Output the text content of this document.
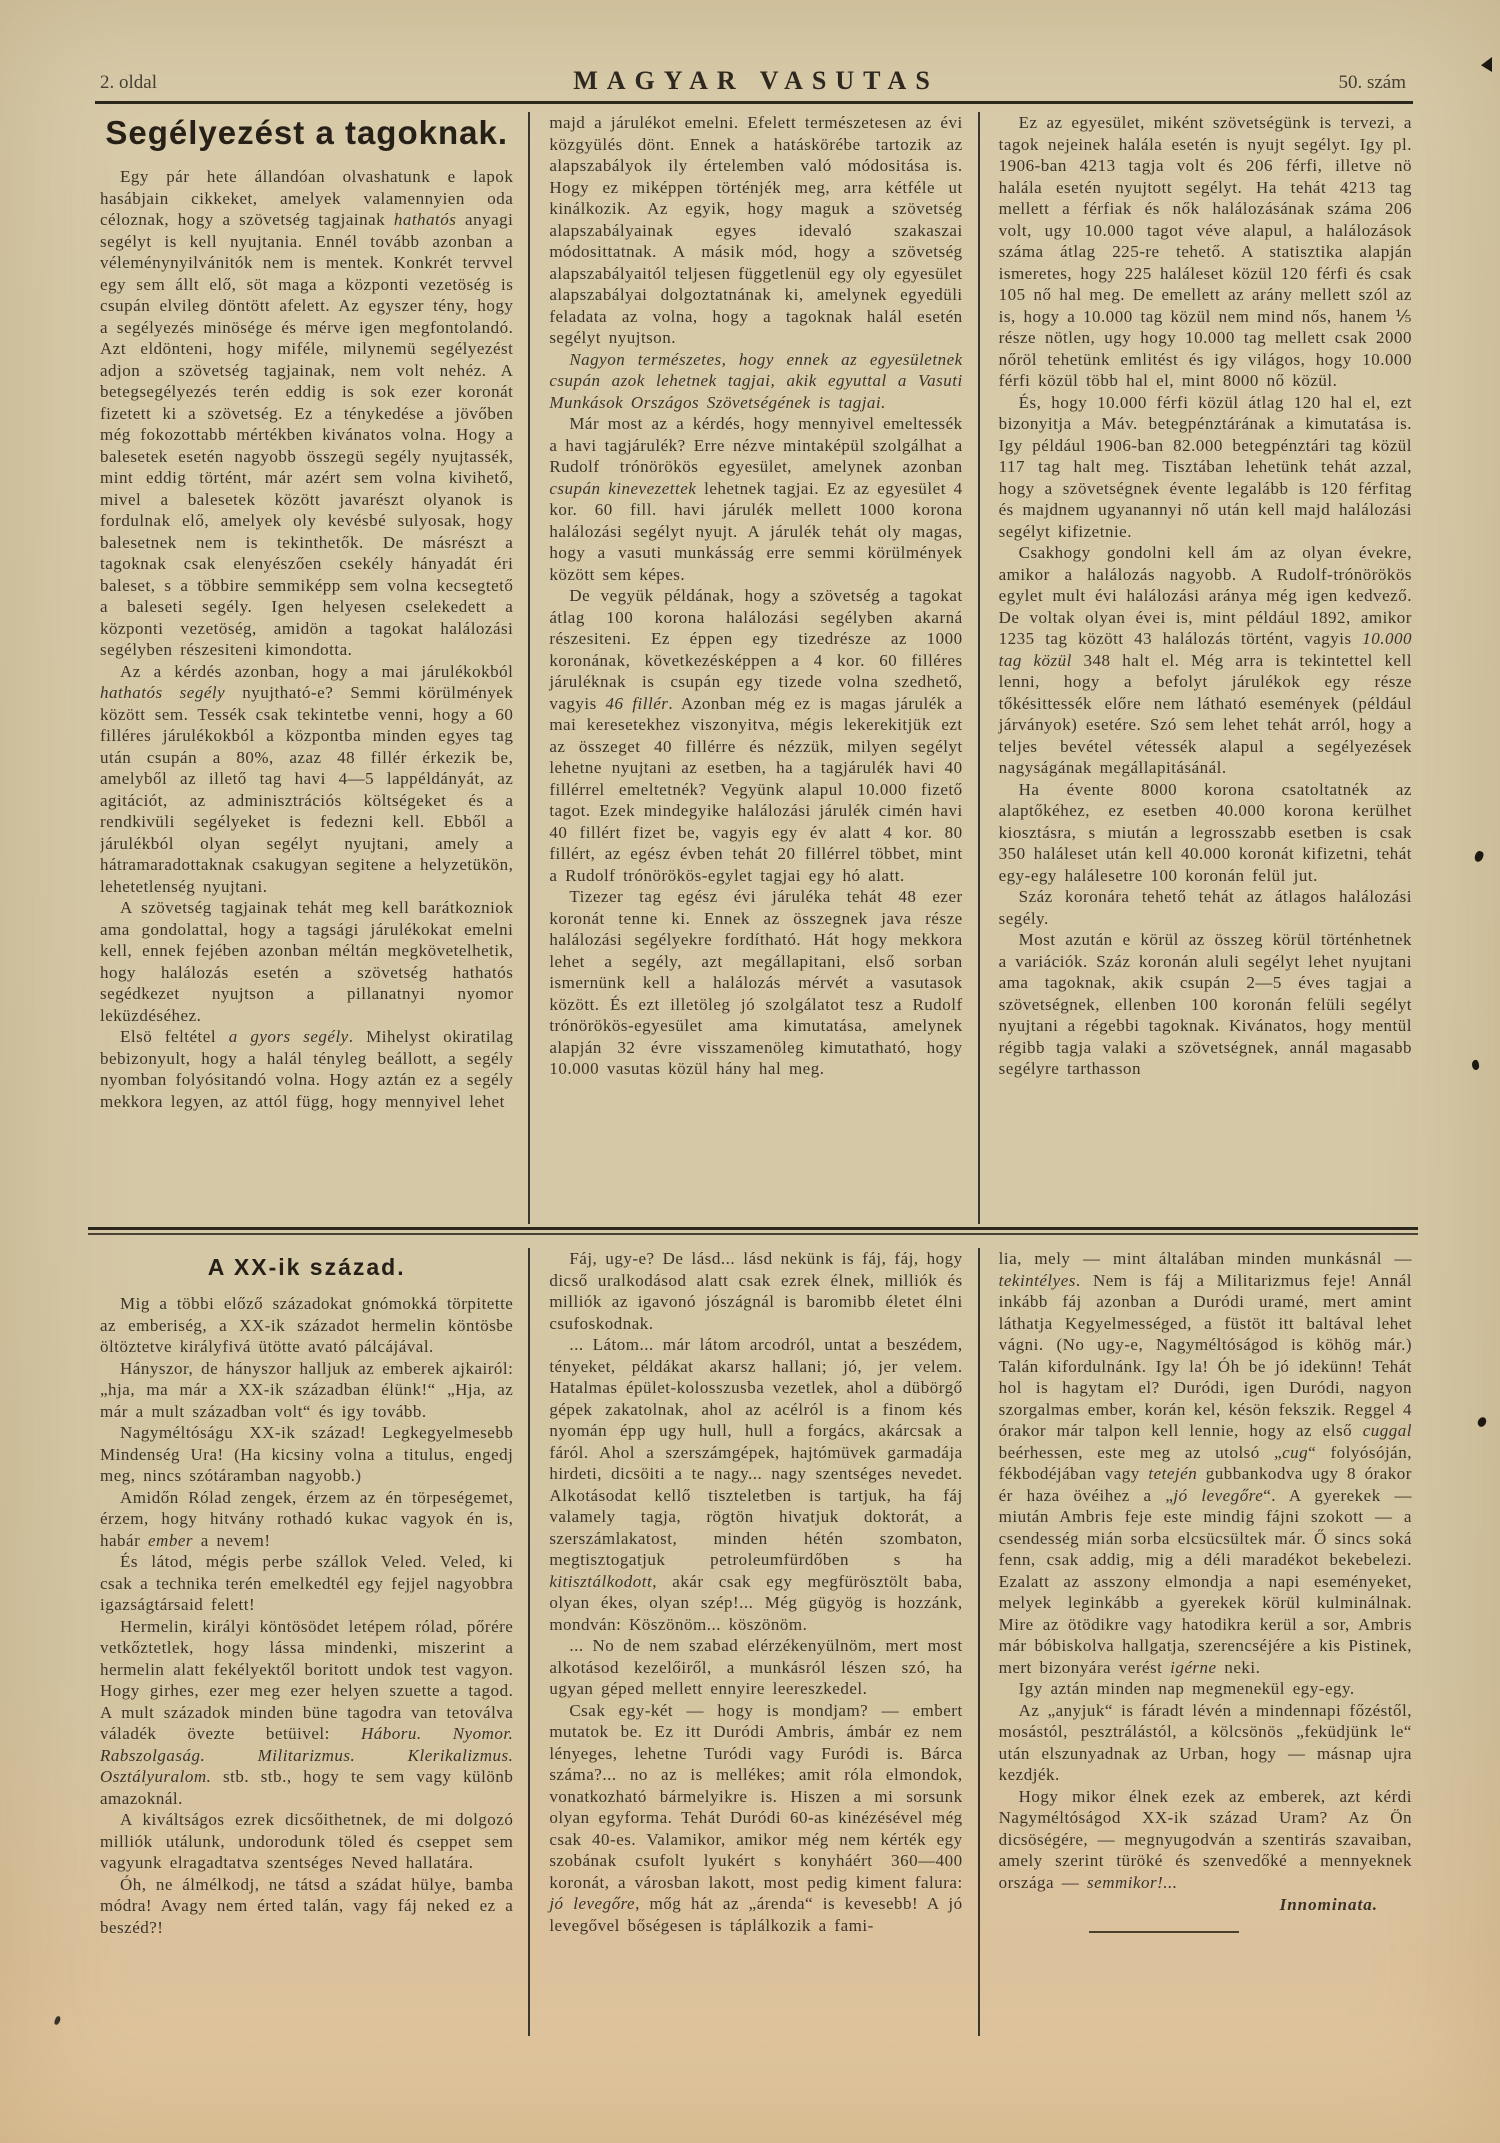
2. oldal	MAGYAR VASUTAS	50. szám
Segélyezést a tagoknak.

Egy pár hete állandóan olvashatunk e lapok hasábjain cikkeket, amelyek valamennyien oda céloznak, hogy a szövetség tagjainak hathatós anyagi segélyt is kell nyujtania. Ennél tovább azonban a véleménynyilvánitók nem is mentek. Konkrét tervvel egy sem állt elő, söt maga a központi vezetöség is csupán elvileg döntött afelett. Az egyszer tény, hogy a segélyezés minösége és mérve igen megfontolandó. Azt eldönteni, hogy miféle, milynemü segélyezést adjon a szövetség tagjainak, nem volt nehéz. A betegsegélyezés terén eddig is sok ezer koronát fizetett ki a szövetség. Ez a ténykedése a jövőben még fokozottabb mértékben kivánatos volna. Hogy a balesetek esetén nagyobb összegü segély nyujtassék, mint eddig történt, már azért sem volna kivihető, mivel a balesetek között javarészt olyanok is fordulnak elő, amelyek oly kevésbé sulyosak, hogy balesetnek nem is tekinthetők. De másrészt a tagoknak csak elenyészően csekély hányadát éri baleset, s a többire semmiképp sem volna kecsegtető a baleseti segély. Igen helyesen cselekedett a központi vezetöség, amidön a tagokat halálozási segélyben részesiteni kimondotta.

Az a kérdés azonban, hogy a mai járulékokból hathatós segély nyujtható-e? Semmi körülmények között sem. Tessék csak tekintetbe venni, hogy a 60 filléres járulékokból a központba minden egyes tag után csupán a 80%, azaz 48 fillér érkezik be, amelyből az illető tag havi 4—5 lappéldányát, az agitációt, az adminisztrációs költségeket és a rendkivüli segélyeket is fedezni kell. Ebből a járulékból olyan segélyt nyujtani, amely a hátramaradottaknak csakugyan segitene a helyzetükön, lehetetlenség nyujtani.

A szövetség tagjainak tehát meg kell barátkozniok ama gondolattal, hogy a tagsági járulékokat emelni kell, ennek fejében azonban méltán megkövetelhetik, hogy halálozás esetén a szövetség hathatós segédkezet nyujtson a pillanatnyi nyomor leküzdéséhez.

Elsö feltétel a gyors segély. Mihelyst okiratilag bebizonyult, hogy a halál tényleg beállott, a segély nyomban folyósitandó volna. Hogy aztán ez a segély mekkora legyen, az attól függ, hogy mennyivel lehet

majd a járulékot emelni. Efelett természetesen az évi közgyülés dönt. Ennek a hatáskörébe tartozik az alapszabályok ily értelemben való módositása is. Hogy ez miképpen történjék meg, arra kétféle ut kinálkozik. Az egyik, hogy maguk a szövetség alapszabályainak egyes idevaló szakaszai módosittatnak. A másik mód, hogy a szövetség alapszabályaitól teljesen függetlenül egy oly egyesület alapszabályai dolgoztatnának ki, amelynek egyedüli feladata az volna, hogy a tagoknak halál esetén segélyt nyujtson.

Nagyon természetes, hogy ennek az egyesületnek csupán azok lehetnek tagjai, akik egyuttal a Vasuti Munkások Országos Szövetségének is tagjai.

Már most az a kérdés, hogy mennyivel emeltessék a havi tagjárulék? Erre nézve mintaképül szolgálhat a Rudolf trónörökös egyesület, amelynek azonban csupán kinevezettek lehetnek tagjai. Ez az egyesület 4 kor. 60 fill. havi járulék mellett 1000 korona halálozási segélyt nyujt. A járulék tehát oly magas, hogy a vasuti munkásság erre semmi körülmények között sem képes.

De vegyük példának, hogy a szövetség a tagokat átlag 100 korona halálozási segélyben akarná részesiteni. Ez éppen egy tizedrésze az 1000 koronának, következésképpen a 4 kor. 60 filléres járuléknak is csupán egy tizede volna szedhető, vagyis 46 fillér. Azonban még ez is magas járulék a mai keresetekhez viszonyitva, mégis lekerekitjük ezt az összeget 40 fillérre és nézzük, milyen segélyt lehetne nyujtani az esetben, ha a tagjárulék havi 40 fillérrel emeltetnék? Vegyünk alapul 10.000 fizető tagot. Ezek mindegyike halálozási járulék cimén havi 40 fillért fizet be, vagyis egy év alatt 4 kor. 80 fillért, az egész évben tehát 20 fillérrel többet, mint a Rudolf trónörökös-egylet tagjai egy hó alatt.

Tizezer tag egész évi járuléka tehát 48 ezer koronát tenne ki. Ennek az összegnek java része halálozási segélyekre fordítható. Hát hogy mekkora lehet a segély, azt megállapitani, első sorban ismernünk kell a halálozás mérvét a vasutasok között. És ezt illetöleg jó szolgálatot tesz a Rudolf trónörökös-egyesület ama kimutatása, amelynek alapján 32 évre visszamenöleg kimutatható, hogy 10.000 vasutas közül hány hal meg.

Ez az egyesület, miként szövetségünk is tervezi, a tagok nejeinek halála esetén is nyujt segélyt. Igy pl. 1906-ban 4213 tagja volt és 206 férfi, illetve nö halála esetén nyujtott segélyt. Ha tehát 4213 tag mellett a férfiak és nők halálozásának száma 206 volt, ugy 10.000 tagot véve alapul, a halálozások száma átlag 225-re tehető. A statisztika alapján ismeretes, hogy 225 haláleset közül 120 férfi és csak 105 nő hal meg. De emellett az arány mellett szól az is, hogy a 10.000 tag közül nem mind nős, hanem ⅕ része nötlen, ugy hogy 10.000 tag mellett csak 2000 nőröl tehetünk emlitést és igy világos, hogy 10.000 férfi közül több hal el, mint 8000 nő közül.

És, hogy 10.000 férfi közül átlag 120 hal el, ezt bizonyitja a Máv. betegpénztárának a kimutatása is. Igy például 1906-ban 82.000 betegpénztári tag közül 117 tag halt meg. Tisztában lehetünk tehát azzal, hogy a szövetségnek évente legalább is 120 férfitag és majdnem ugyanannyi nő után kell majd halálozási segélyt kifizetnie.

Csakhogy gondolni kell ám az olyan évekre, amikor a halálozás nagyobb. A Rudolf-trónörökös egylet mult évi halálozási aránya még igen kedvező. De voltak olyan évei is, mint például 1892, amikor 1235 tag között 43 halálozás történt, vagyis 10.000 tag közül 348 halt el. Még arra is tekintettel kell lenni, hogy a befolyt járulékok egy része tőkésittessék előre nem látható események (például járványok) esetére. Szó sem lehet tehát arról, hogy a teljes bevétel vétessék alapul a segélyezések nagyságának megállapitásánál.

Ha évente 8000 korona csatoltatnék az alaptőkéhez, ez esetben 40.000 korona kerülhet kiosztásra, s miután a legrosszabb esetben is csak 350 haláleset után kell 40.000 koronát kifizetni, tehát egy-egy halálesetre 100 koronán felül jut.

Száz koronára tehető tehát az átlagos halálozási segély.

Most azután e körül az összeg körül történhetnek a variációk. Száz koronán aluli segélyt lehet nyujtani ama tagoknak, akik csupán 2—5 éves tagjai a szövetségnek, ellenben 100 koronán felüli segélyt nyujtani a régebbi tagoknak. Kivánatos, hogy mentül régibb tagja valaki a szövetségnek, annál magasabb segélyre tarthasson

A XX-ik század.

Mig a többi előző századokat gnómokká törpitette az emberiség, a XX-ik századot hermelin köntösbe öltöztetve királyfivá ütötte avató pálcájával.

Hányszor, de hányszor halljuk az emberek ajkairól: „hja, ma már a XX-ik században élünk!“ „Hja, az már a mult században volt“ és igy tovább.

Nagyméltóságu XX-ik század! Legkegyelmesebb Mindenség Ura! (Ha kicsiny volna a titulus, engedj meg, nincs szótáramban nagyobb.)

Amidőn Rólad zengek, érzem az én törpeségemet, érzem, hogy hitvány rothadó kukac vagyok én is, habár ember a nevem!

És látod, mégis perbe szállok Veled. Veled, ki csak a technika terén emelkedtél egy fejjel nagyobbra igazságtársaid felett!

Hermelin, királyi köntösödet letépem rólad, pőrére vetkőztetlek, hogy lássa mindenki, miszerint a hermelin alatt fekélyektől boritott undok test vagyon. Hogy girhes, ezer meg ezer helyen szuette a tagod. A mult századok minden büne tagodra van tetoválva váladék övezte betüivel: Háboru. Nyomor. Rabszolgaság. Militarizmus. Klerikalizmus. Osztályuralom. stb. stb., hogy te sem vagy különb amazoknál.

A kiváltságos ezrek dicsőithetnek, de mi dolgozó milliók utálunk, undorodunk töled és cseppet sem vagyunk elragadtatva szentséges Neved hallatára.

Óh, ne álmélkodj, ne tátsd a szádat hülye, bamba módra! Avagy nem érted talán, vagy fáj neked ez a beszéd?!

Fáj, ugy-e? De lásd... lásd nekünk is fáj, fáj, hogy dicső uralkodásod alatt csak ezrek élnek, milliók és milliók az igavonó jószágnál is baromibb életet élni csufoskodnak.

... Látom... már látom arcodról, untat a beszédem, tényeket, példákat akarsz hallani; jó, jer velem. Hatalmas épület-kolosszusba vezetlek, ahol a dübörgő gépek zakatolnak, ahol az acélról is a finom kés nyomán épp ugy hull, hull a forgács, akárcsak a fáról. Ahol a szerszámgépek, hajtómüvek garmadája hirdeti, dicsöiti a te nagy... nagy szentséges nevedet. Alkotásodat kellő tiszteletben is tartjuk, ha fáj valamely tagja, rögtön hivatjuk doktorát, a szerszámlakatost, minden hétén szombaton, megtisztogatjuk petroleumfürdőben s ha kitisztálkodott, akár csak egy megfürösztölt baba, olyan ékes, olyan szép!... Még gügyög is hozzánk, mondván: Köszönöm... köszönöm.

... No de nem szabad elérzékenyülnöm, mert most alkotásod kezelőiről, a munkásról lészen szó, ha ugyan géped mellett ennyire leereszkedel.

Csak egy-két — hogy is mondjam? — embert mutatok be. Ez itt Duródi Ambris, ámbár ez nem lényeges, lehetne Turódi vagy Furódi is. Bárca száma?... no az is mellékes; amit róla elmondok, vonatkozható bármelyikre is. Hiszen a mi sorsunk olyan egyforma. Tehát Duródi 60-as kinézésével még csak 40-es. Valamikor, amikor még nem kérték egy szobának csufolt lyukért s konyháért 360—400 koronát, a városban lakott, most pedig kiment falura: jó levegőre, mőg hát az „árenda“ is kevesebb! A jó levegővel bőségesen is táplálkozik a fami-

lia, mely — mint általában minden munkásnál — tekintélyes. Nem is fáj a Militarizmus feje! Annál inkább fáj azonban a Duródi uramé, mert amint láthatja Kegyelmességed, a füstöt itt baltával lehet vágni. (No ugy-e, Nagyméltóságod is köhög már.) Talán kifordulnánk. Igy la! Óh be jó idekünn! Tehát hol is hagytam el? Duródi, igen Duródi, nagyon szorgalmas ember, korán kel, késön fekszik. Reggel 4 órakor már talpon kell lennie, hogy az első cuggal beérhessen, este meg az utolsó „cug“ folyósóján, fékbodéjában vagy tetején gubbankodva ugy 8 órakor ér haza övéihez a „jó levegőre“. A gyerekek — miután Ambris feje este mindig fájni szokott — a csendesség mián sorba elcsücsültek már. Ő sincs soká fenn, csak addig, mig a déli maradékot bekebelezi. Ezalatt az asszony elmondja a napi eseményeket, melyek leginkább a gyerekek körül kulminálnak. Mire az ötödikre vagy hatodikra kerül a sor, Ambris már bóbiskolva hallgatja, szerencséjére a kis Pistinek, mert bizonyára verést igérne neki.

Igy aztán minden nap megmenekül egy-egy.

Az „anyjuk“ is fáradt lévén a mindennapi főzéstől, mosástól, pesztrálástól, a kölcsönös „feküdjünk le“ után elszunyadnak az Urban, hogy — másnap ujra kezdjék.

Hogy mikor élnek ezek az emberek, azt kérdi Nagyméltóságod XX-ik század Uram? Az Ön dicsöségére, — megnyugodván a szentirás szavaiban, amely szerint türöké és szenvedőké a mennyeknek országa — semmikor!...

Innominata.
